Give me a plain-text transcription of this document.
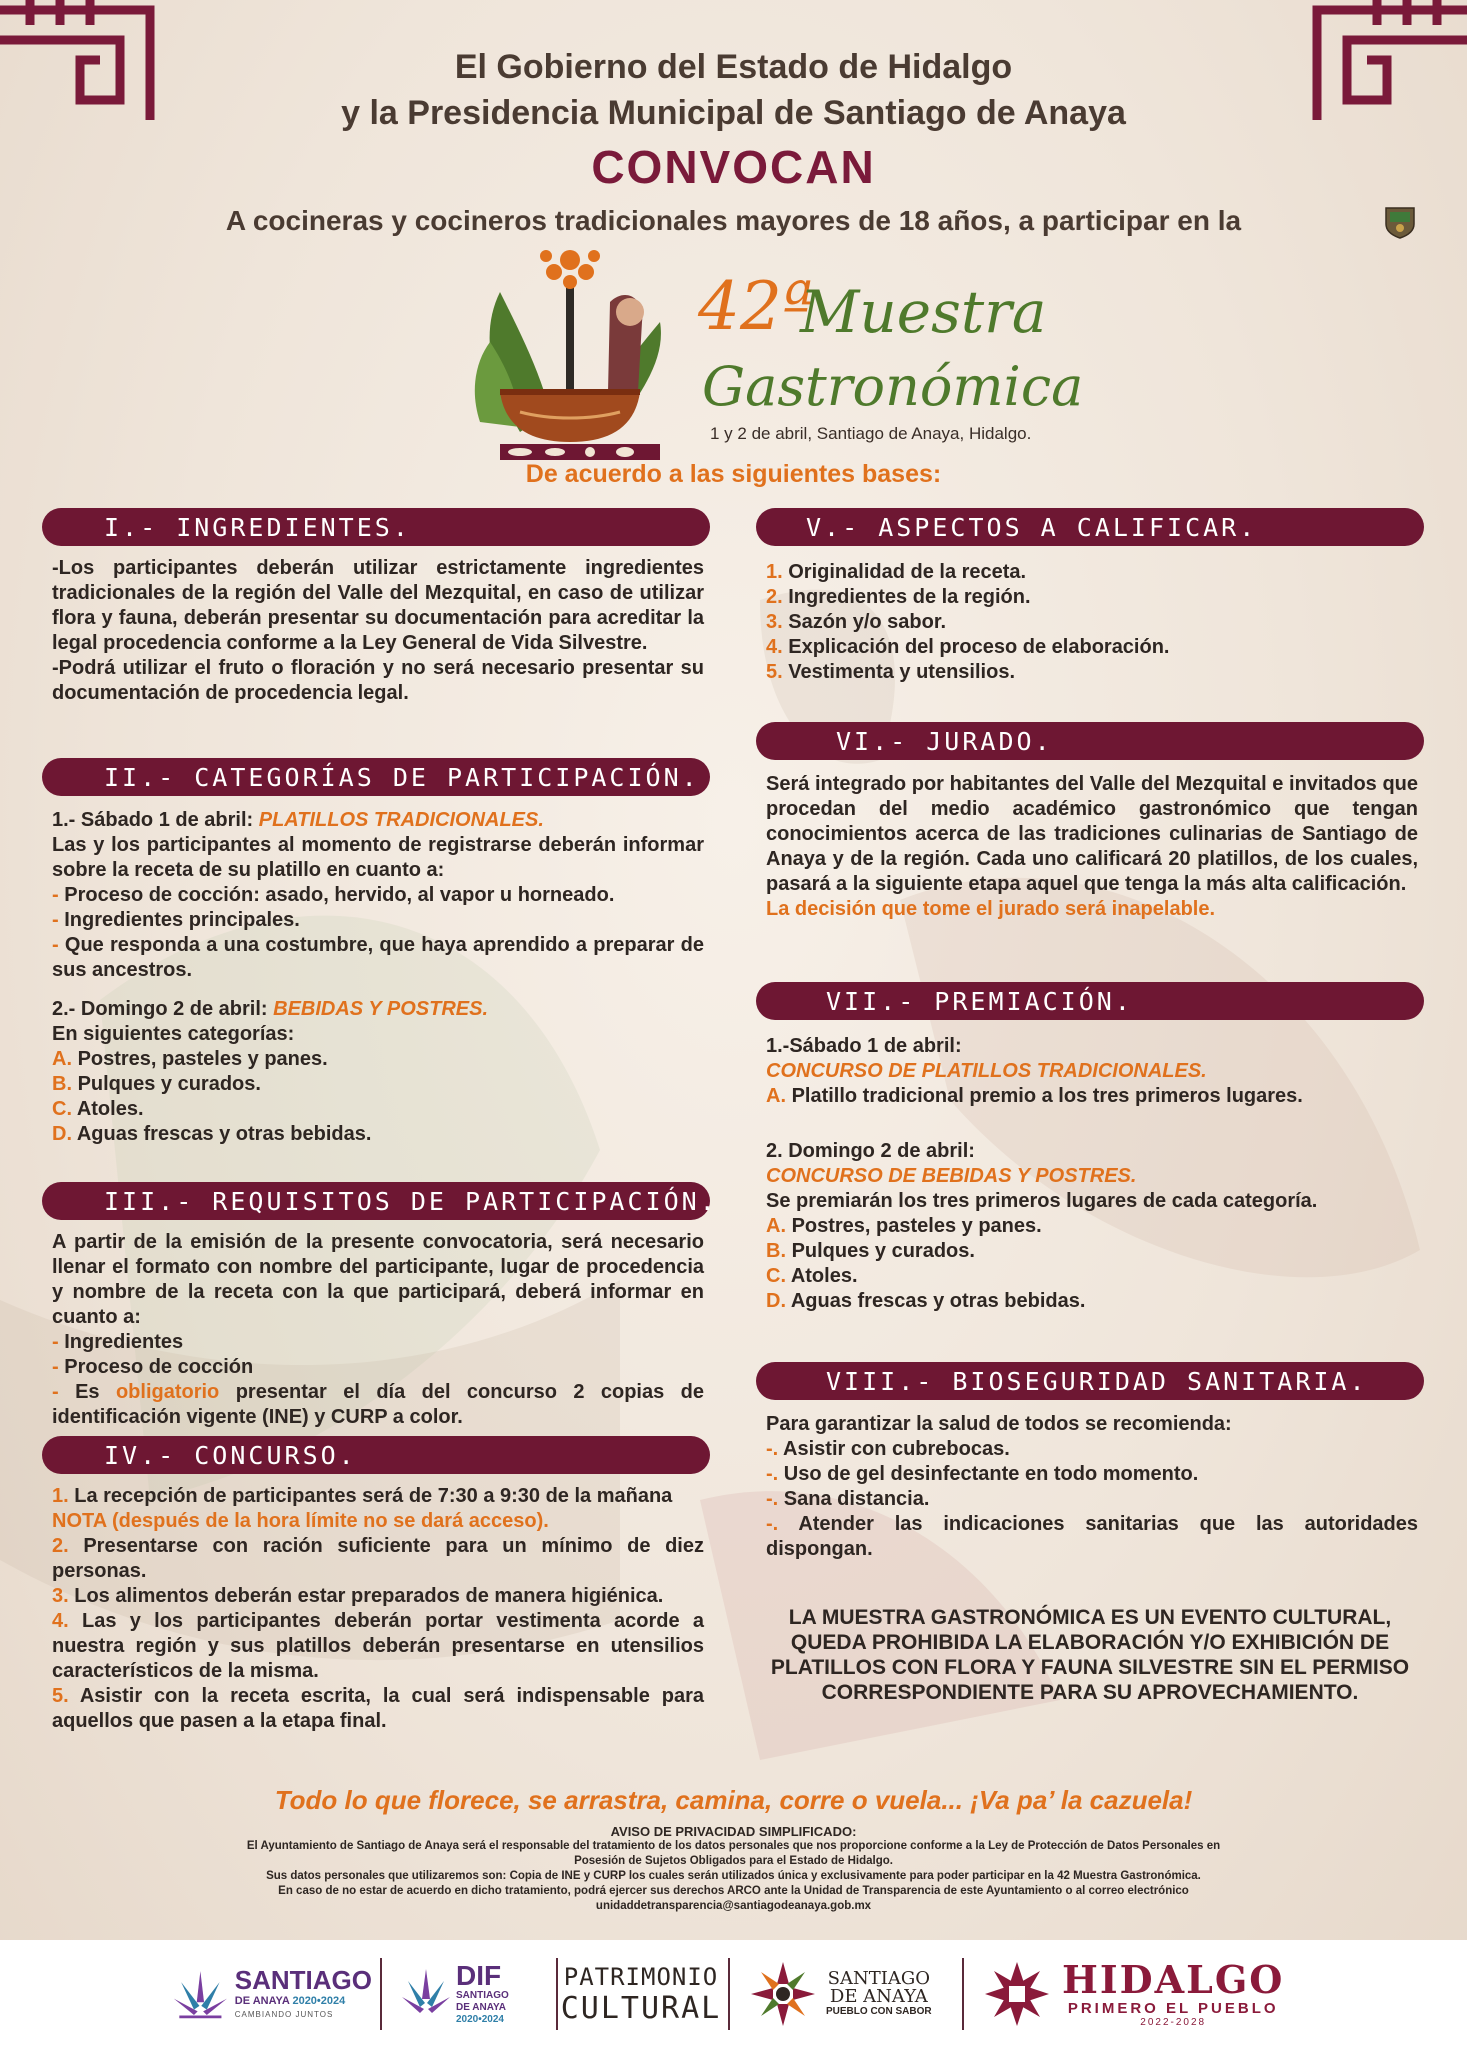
El Gobierno del Estado de Hidalgo
y la Presidencia Municipal de Santiago de Anaya
CONVOCAN
A cocineras y cocineros tradicionales mayores de 18 años, a participar en la
42ª
Muestra
Gastronómica
1 y 2 de abril, Santiago de Anaya, Hidalgo.
De acuerdo a las siguientes bases:
I.- INGREDIENTES.

-Los participantes deberán utilizar estrictamente ingredientes tradicionales de la región del Valle del Mezquital, en caso de utilizar flora y fauna, deberán presentar su documentación para acreditar la legal procedencia conforme a la Ley General de Vida Silvestre.

-Podrá utilizar el fruto o floración y no será necesario presentar su documentación de procedencia legal.

II.- CATEGORÍAS DE PARTICIPACIÓN.

1.- Sábado 1 de abril: PLATILLOS TRADICIONALES.

Las y los participantes al momento de registrarse deberán informar sobre la receta de su platillo en cuanto a:

- Proceso de cocción: asado, hervido, al vapor u horneado.

- Ingredientes principales.

- Que responda a una costumbre, que haya aprendido a preparar de sus ancestros.

2.- Domingo 2 de abril: BEBIDAS Y POSTRES.

En siguientes categorías:

A. Postres, pasteles y panes.

B. Pulques y curados.

C. Atoles.

D. Aguas frescas y otras bebidas.

III.- REQUISITOS DE PARTICIPACIÓN.

A partir de la emisión de la presente convocatoria, será necesario llenar el formato con nombre del participante, lugar de procedencia y nombre de la receta con la que participará, deberá informar en cuanto a:

- Ingredientes

- Proceso de cocción

- Es obligatorio presentar el día del concurso 2 copias de identificación vigente (INE) y CURP a color.

IV.- CONCURSO.

1. La recepción de participantes será de 7:30 a 9:30 de la mañana

NOTA (después de la hora límite no se dará acceso).

2. Presentarse con ración suficiente para un mínimo de diez personas.

3. Los alimentos deberán estar preparados de manera higiénica.

4. Las y los participantes deberán portar vestimenta acorde a nuestra región y sus platillos deberán presentarse en utensilios característicos de la misma.

5. Asistir con la receta escrita, la cual será indispensable para aquellos que pasen a la etapa final.

V.- ASPECTOS A CALIFICAR.

1. Originalidad de la receta.

2. Ingredientes de la región.

3. Sazón y/o sabor.

4. Explicación del proceso de elaboración.

5. Vestimenta y utensilios.

VI.- JURADO.

Será integrado por habitantes del Valle del Mezquital e invitados que procedan del medio académico gastronómico que tengan conocimientos acerca de las tradiciones culinarias de Santiago de Anaya y de la región. Cada uno calificará 20 platillos, de los cuales, pasará a la siguiente etapa aquel que tenga la más alta calificación.

La decisión que tome el jurado será inapelable.

VII.- PREMIACIÓN.

1.-Sábado 1 de abril:

CONCURSO DE PLATILLOS TRADICIONALES.

A. Platillo tradicional premio a los tres primeros lugares.

2. Domingo 2 de abril:

CONCURSO DE BEBIDAS Y POSTRES.

Se premiarán los tres primeros lugares de cada categoría.

A. Postres, pasteles y panes.

B. Pulques y curados.

C. Atoles.

D. Aguas frescas y otras bebidas.

VIII.- BIOSEGURIDAD SANITARIA.

Para garantizar la salud de todos se recomienda:

-. Asistir con cubrebocas.

-. Uso de gel desinfectante en todo momento.

-. Sana distancia.

-. Atender las indicaciones sanitarias que las autoridades dispongan.

LA MUESTRA GASTRONÓMICA ES UN EVENTO CULTURAL, QUEDA PROHIBIDA LA ELABORACIÓN Y/O EXHIBICIÓN DE PLATILLOS CON FLORA Y FAUNA SILVESTRE SIN EL PERMISO CORRESPONDIENTE PARA SU APROVECHAMIENTO.
Todo lo que florece, se arrastra, camina, corre o vuela... ¡Va pa’ la cazuela!
AVISO DE PRIVACIDAD SIMPLIFICADO:
El Ayuntamiento de Santiago de Anaya será el responsable del tratamiento de los datos personales que nos proporcione conforme a la Ley de Protección de Datos Personales en
Posesión de Sujetos Obligados para el Estado de Hidalgo.
Sus datos personales que utilizaremos son: Copia de INE y CURP los cuales serán utilizados única y exclusivamente para poder participar en la 42 Muestra Gastronómica.
En caso de no estar de acuerdo en dicho tratamiento, podrá ejercer sus derechos ARCO ante la Unidad de Transparencia de este Ayuntamiento o al correo electrónico
unidaddetransparencia@santiagodeanaya.gob.mx
SANTIAGO
DE ANAYA 2020•2024
CAMBIANDO JUNTOS
DIF
SANTIAGO
DE ANAYA
2020•2024
PATRIMONIO
CULTURAL
SANTIAGO
DE ANAYA
PUEBLO CON SABOR
HIDALGO
PRIMERO EL PUEBLO
2022-2028
